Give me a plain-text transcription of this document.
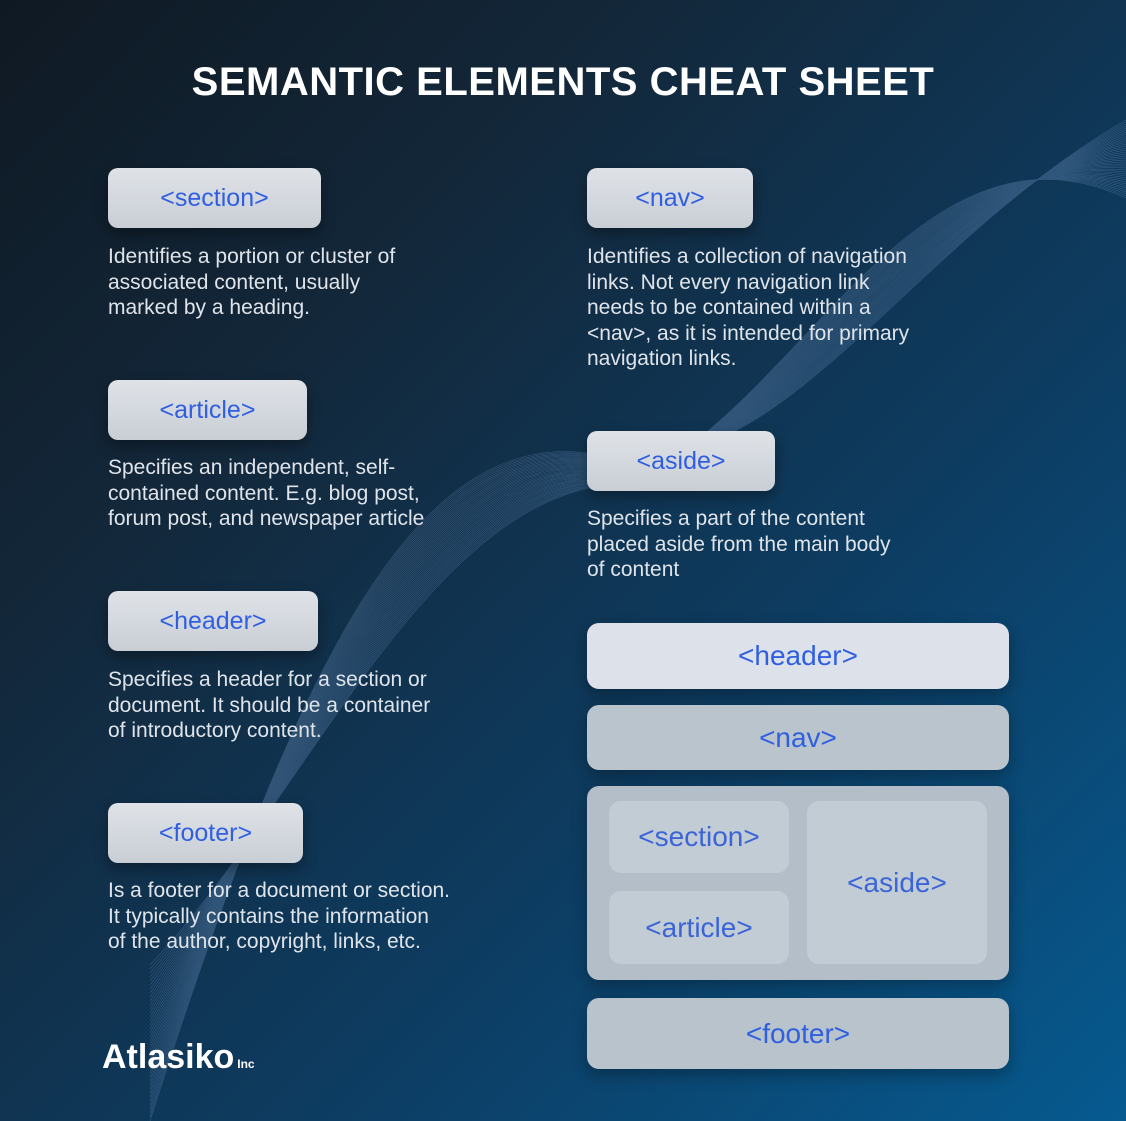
SEMANTIC ELEMENTS CHEAT SHEET
<section>

Identifies a portion or cluster of
associated content, usually
marked by a heading.

<article>

Specifies an independent, self-
contained content. E.g. blog post,
forum post, and newspaper article

<header>

Specifies a header for a section or
document. It should be a container
of introductory content.

<footer>

Is a footer for a document or section.
It typically contains the information
of the author, copyright, links, etc.

<nav>

Identifies a collection of navigation
links. Not every navigation link
needs to be contained within a
<nav>, as it is intended for primary
navigation links.

<aside>

Specifies a part of the content
placed aside from the main body
of content

<header>
<nav>
<section>
<article>
<aside>
<footer>
Atlasiko Inc
